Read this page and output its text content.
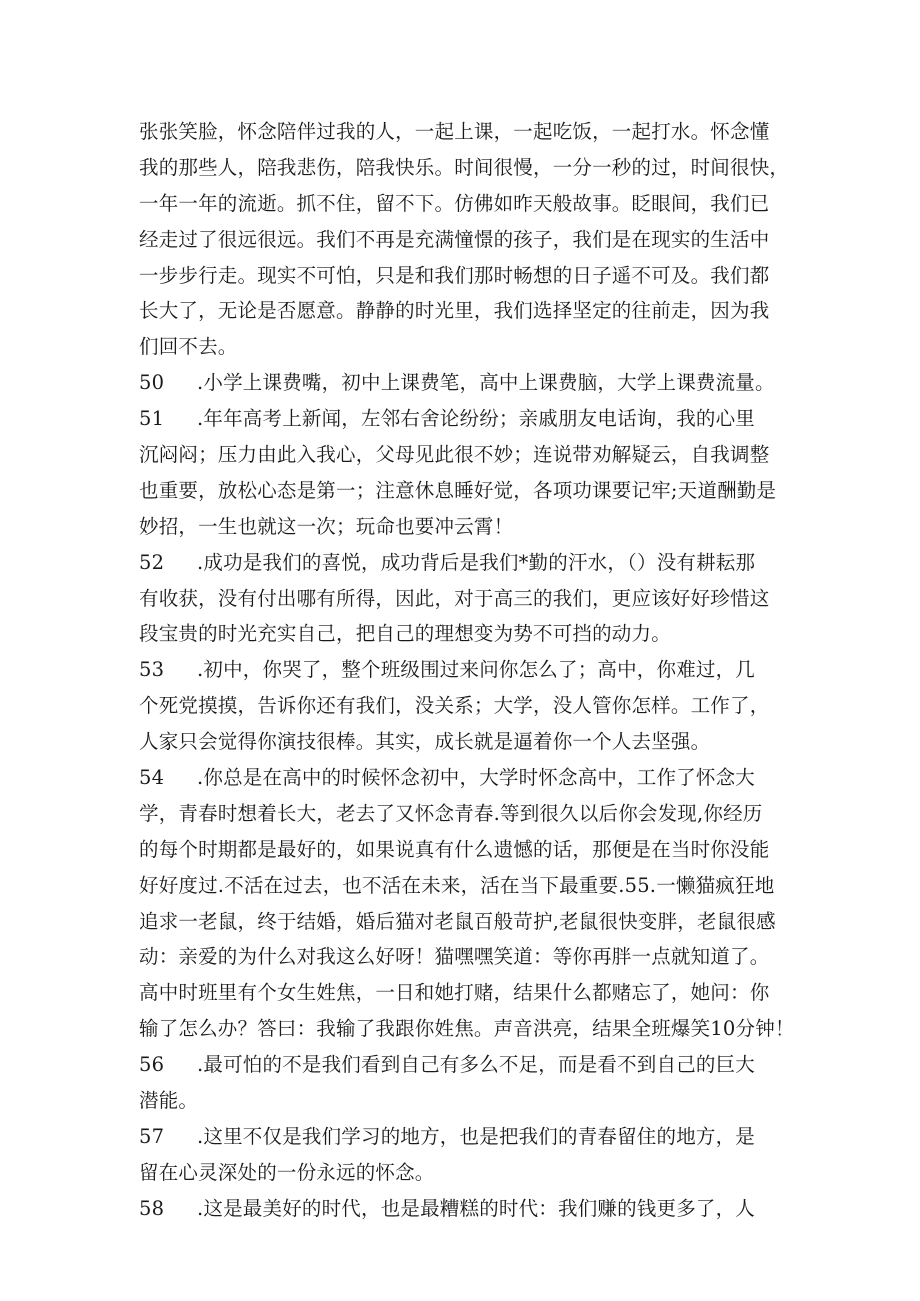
张张笑脸，怀念陪伴过我的人，一起上课，一起吃饭，一起打水。怀念懂
我的那些人，陪我悲伤，陪我快乐。时间很慢，一分一秒的过，时间很快，
一年一年的流逝。抓不住，留不下。仿佛如昨天般故事。眨眼间，我们已
经走过了很远很远。我们不再是充满憧憬的孩子，我们是在现实的生活中
一步步行走。现实不可怕，只是和我们那时畅想的日子遥不可及。我们都
长大了，无论是否愿意。静静的时光里，我们选择坚定的往前走，因为我
们回不去。
50	.小学上课费嘴，初中上课费笔，高中上课费脑，大学上课费流量。
51	.年年高考上新闻，左邻右舍论纷纷；亲戚朋友电话询，我的心里
沉闷闷；压力由此入我心，父母见此很不妙；连说带劝解疑云，自我调整
也重要，放松心态是第一；注意休息睡好觉，各项功课要记牢;天道酬勤是
妙招，一生也就这一次；玩命也要冲云霄！
52	.成功是我们的喜悦，成功背后是我们*勤的汗水，（）没有耕耘那
有收获，没有付出哪有所得，因此，对于高三的我们，更应该好好珍惜这
段宝贵的时光充实自己，把自己的理想变为势不可挡的动力。
53	.初中，你哭了，整个班级围过来问你怎么了；高中，你难过，几
个死党摸摸，告诉你还有我们，没关系；大学，没人管你怎样。工作了，
人家只会觉得你演技很棒。其实，成长就是逼着你一个人去坚强。
54	.你总是在高中的时候怀念初中，大学时怀念高中，工作了怀念大
学，青春时想着长大，老去了又怀念青春.等到很久以后你会发现,你经历
的每个时期都是最好的，如果说真有什么遗憾的话，那便是在当时你没能
好好度过.不活在过去，也不活在未来，活在当下最重要.55.一懒猫疯狂地
追求一老鼠，终于结婚，婚后猫对老鼠百般苛护,老鼠很快变胖，老鼠很感
动：亲爱的为什么对我这么好呀！猫嘿嘿笑道：等你再胖一点就知道了。
高中时班里有个女生姓焦，一日和她打赌，结果什么都赌忘了，她问：你
输了怎么办？答曰：我输了我跟你姓焦。声音洪亮，结果全班爆笑10分钟！
56	.最可怕的不是我们看到自己有多么不足，而是看不到自己的巨大
潜能。
57	.这里不仅是我们学习的地方，也是把我们的青春留住的地方，是
留在心灵深处的一份永远的怀念。
58	.这是最美好的时代，也是最糟糕的时代：我们赚的钱更多了，人
